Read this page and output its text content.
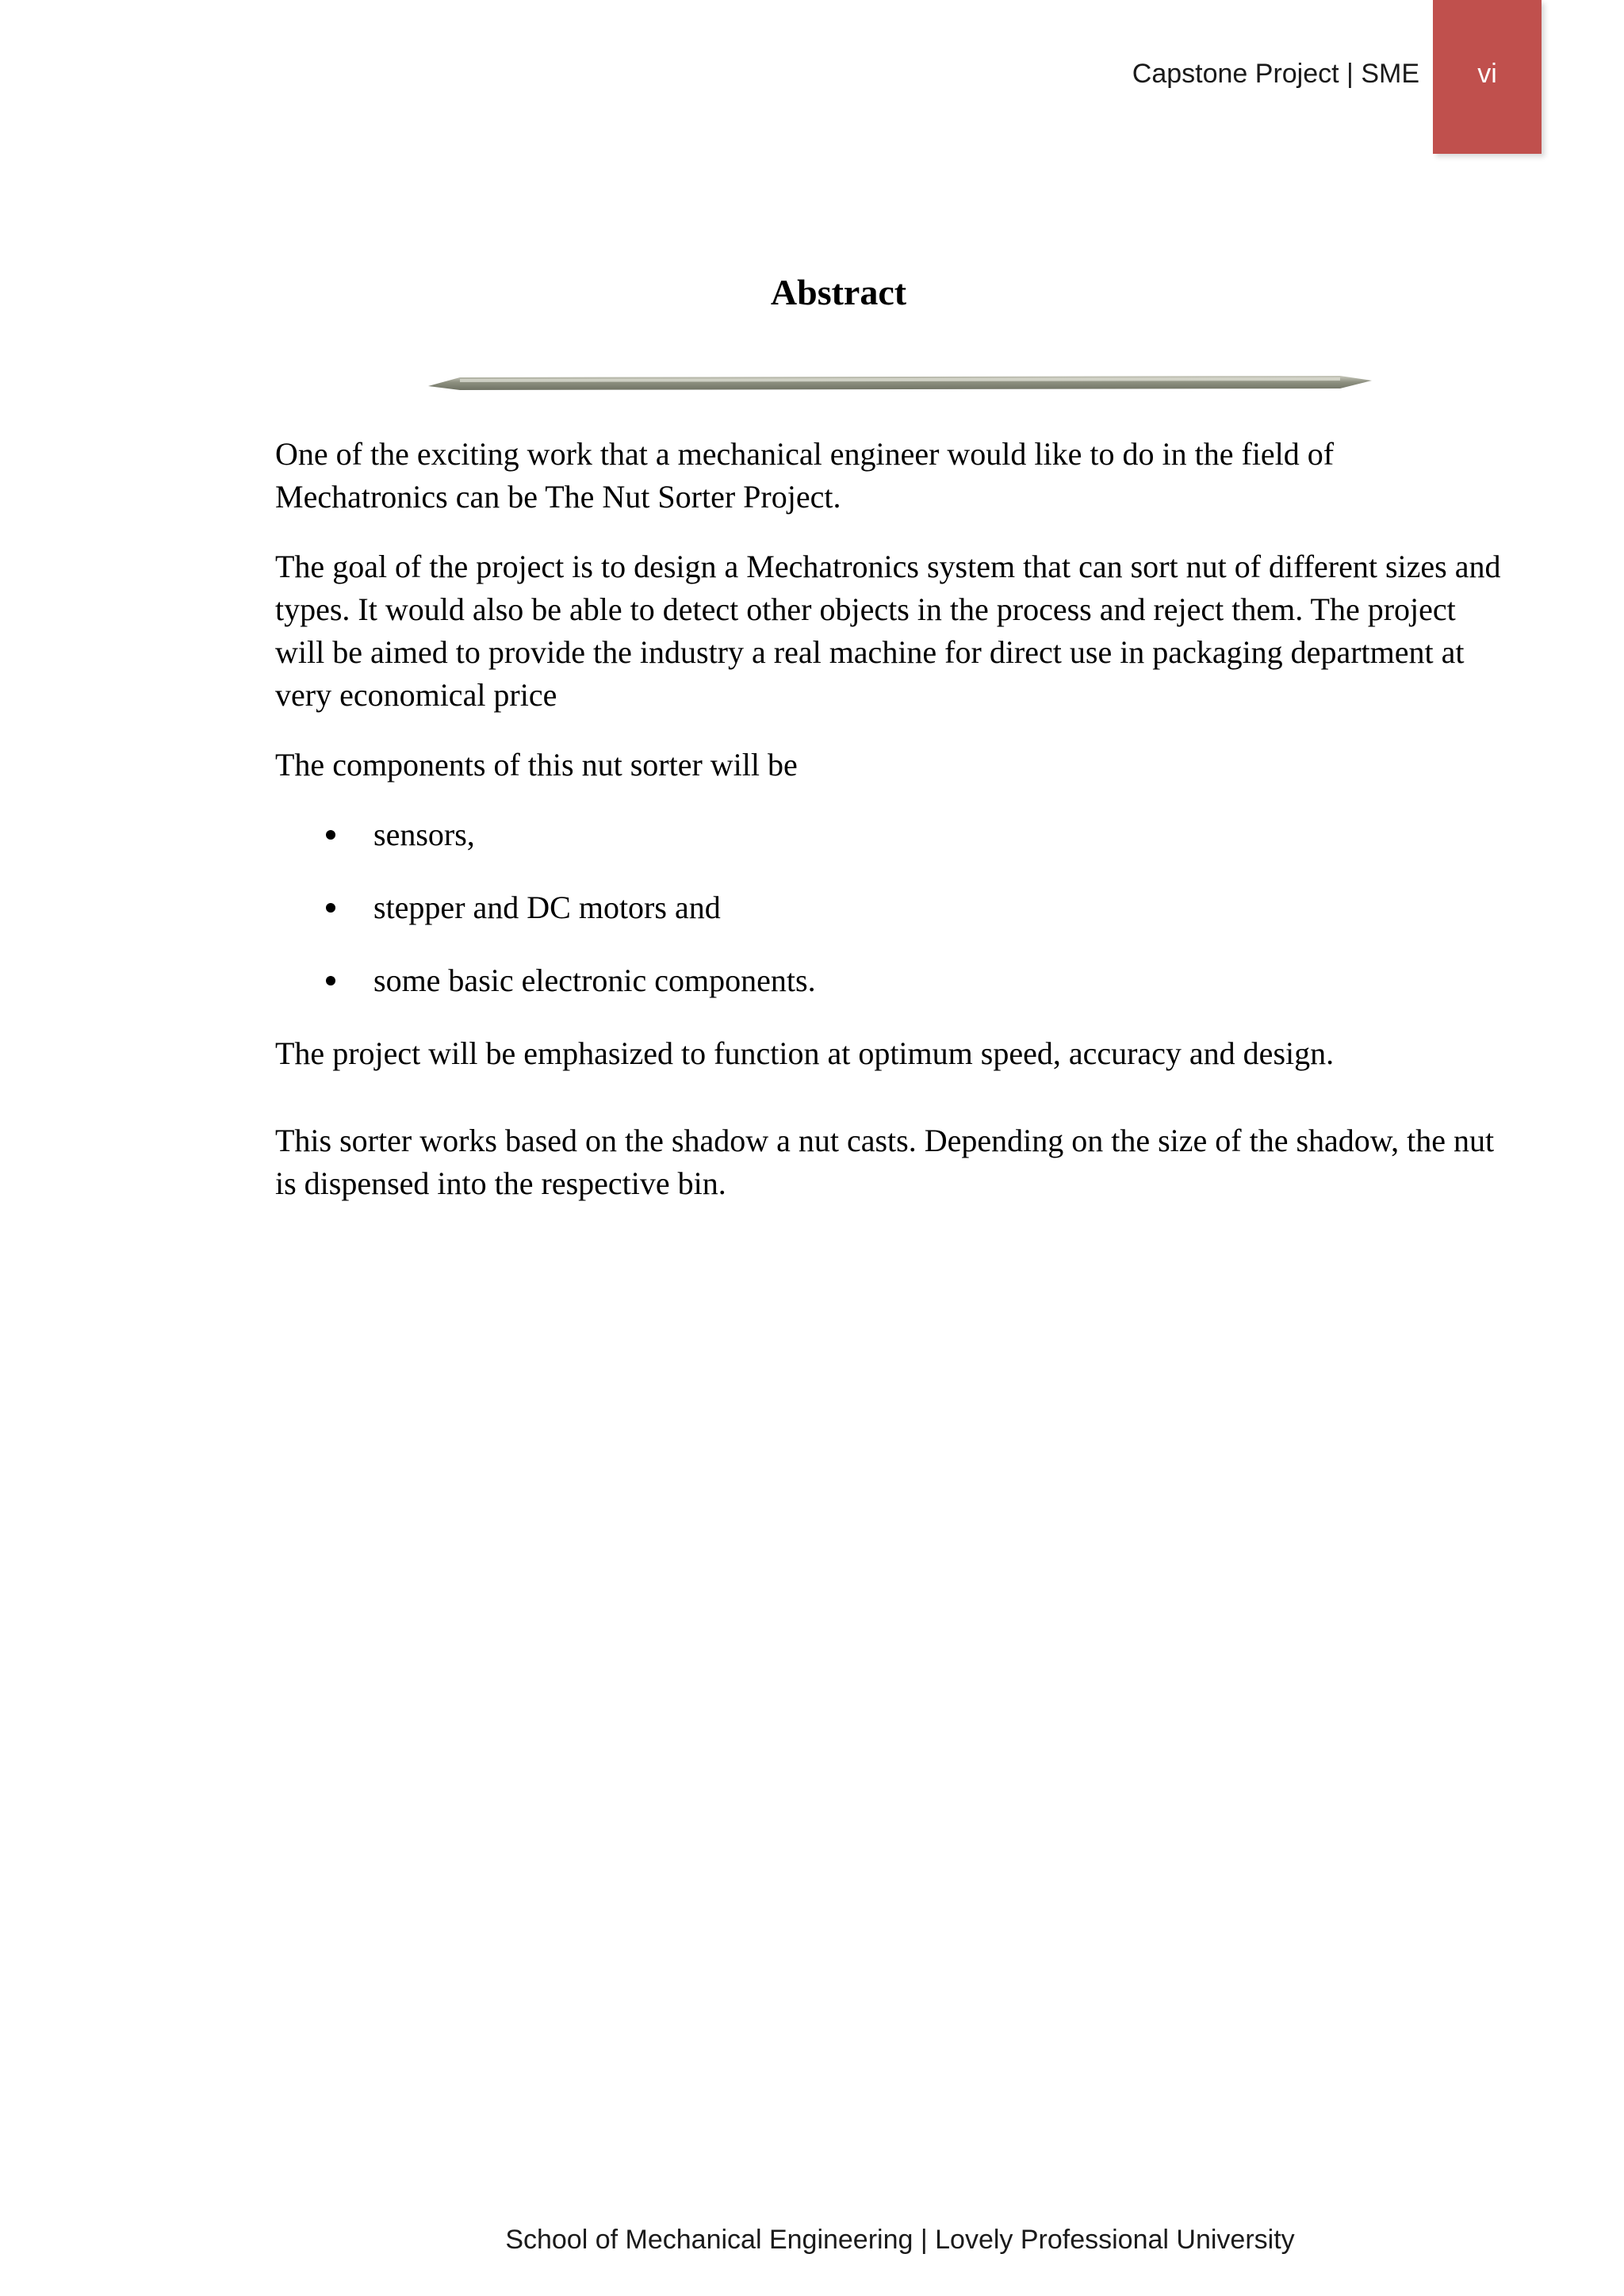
Capstone Project | SME	vi
Abstract

One of the exciting work that a mechanical engineer would like to do in the field of Mechatronics can be The Nut Sorter Project.

The goal of the project is to design a Mechatronics system that can sort nut of different sizes and types. It would also be able to detect other objects in the process and reject them. The project will be aimed to provide the industry a real machine for direct use in packaging department at very economical price

The components of this nut sorter will be

sensors,
stepper and DC motors and
some basic electronic components.

The project will be emphasized to function at optimum speed, accuracy and design.

This sorter works based on the shadow a nut casts. Depending on the size of the shadow, the nut is dispensed into the respective bin.

School of Mechanical Engineering | Lovely Professional University
